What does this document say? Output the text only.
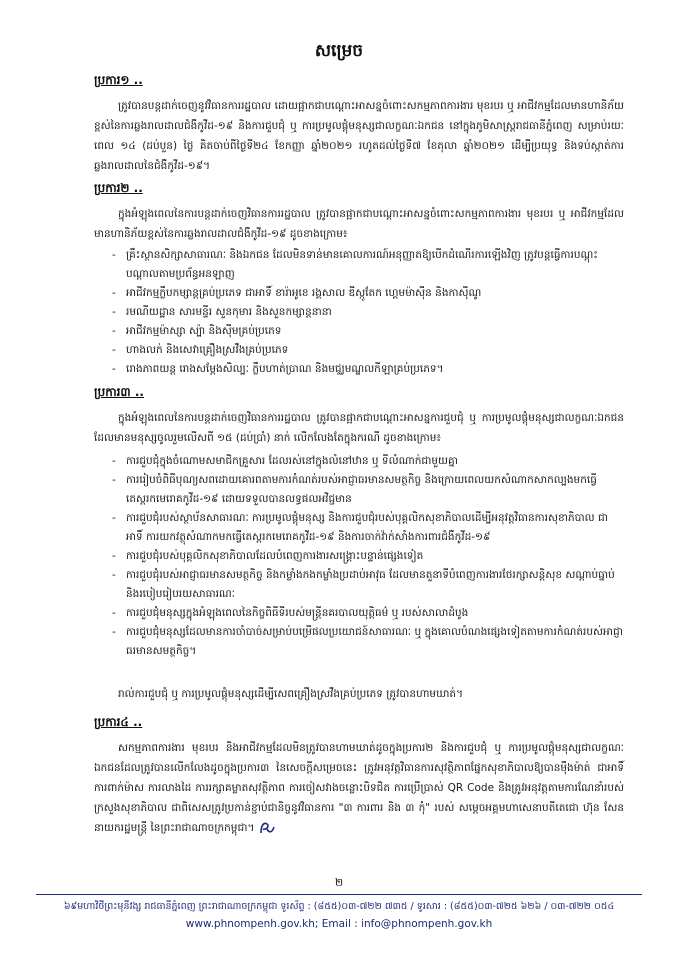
សម្រេច
ប្រការ១ ..

ត្រូវបានបន្តដាក់ចេញនូវវិធានការរដ្ឋបាល ដោយផ្អាកជាបណ្តោះអាសន្នចំពោះសកម្មភាពការងារ មុខរបរ ឬ អាជីវកម្មដែលមានហានិភ័យខ្ពស់នៃការឆ្លងរាលដាលជំងឺកូវីដ-១៩ និងការជួបជុំ ឬ ការប្រមូលផ្តុំមនុស្សជាលក្ខណៈឯកជន នៅក្នុងភូមិសាស្ត្ររាជធានីភ្នំពេញ សម្រាប់រយៈពេល ១៤ (ដប់បួន) ថ្ងៃ គិតចាប់ពីថ្ងៃទី២៤ ខែកញ្ញា ឆ្នាំ២០២១ រហូតដល់ថ្ងៃទី៧ ខែតុលា ឆ្នាំ២០២១ ដើម្បីប្រយុទ្ធ និងទប់ស្កាត់ការឆ្លងរាលដាលនៃជំងឺកូវីដ-១៩។

ប្រការ២ ..

ក្នុងអំឡុងពេលនៃការបន្តដាក់ចេញវិធានការរដ្ឋបាល ត្រូវបានផ្អាកជាបណ្តោះអាសន្នចំពោះសកម្មភាពការងារ មុខរបរ ឬ អាជីវកម្មដែលមានហានិភ័យខ្ពស់នៃការឆ្លងរាលដាលជំងឺកូវីដ-១៩ ដូចខាងក្រោម៖

- គ្រឹះស្ថានសិក្សាសាធារណៈ និងឯកជន ដែលមិនទាន់មានគោលការណ៍អនុញ្ញាតឱ្យបើកដំណើរការឡើងវិញ ត្រូវបន្តធ្វើការបណ្តុះបណ្តាលតាមប្រព័ន្ធអនឡាញ
- អាជីវកម្មក្លឹបកម្សាន្តគ្រប់ប្រភេទ ជាអាទិ៍ ខារ៉ាអូខេ រង្គសាល ឌីស្កូតែក ហ្គេមម៉ាស៊ីន និងកាស៊ីណូ
- រមណីយដ្ឋាន សារមន្ទីរ សួនកុមារ និងសួនកម្សាន្តនានា
- អាជីវកម្មម៉ាស្សា ស្ប៉ា និងស៊ីមគ្រប់ប្រភេទ
- ហាងលក់ និងសេវាគ្រឿងស្រវឹងគ្រប់ប្រភេទ
- រោងភាពយន្ត រោងសម្តែងសិល្បៈ ក្លឹបហាត់ប្រាណ និងមជ្ឈមណ្ឌលកីឡាគ្រប់ប្រភេទ។
ប្រការ៣ ..

ក្នុងអំឡុងពេលនៃការបន្តដាក់ចេញវិធានការរដ្ឋបាល ត្រូវបានផ្អាកជាបណ្តោះអាសន្នការជួបជុំ ឬ ការប្រមូលផ្តុំមនុស្សជាលក្ខណៈឯកជនដែលមានមនុស្សចូលរួមលើសពី ១៥ (ដប់ប្រាំ) នាក់ លើកលែងតែក្នុងករណី ដូចខាងក្រោម៖

- ការជួបជុំក្នុងចំណោមសមាជិកគ្រួសារ ដែលរស់នៅក្នុងលំនៅឋាន ឬ ទីលំណាក់ជាមួយគ្នា
- ការរៀបចំពិធីបុណ្យសពដោយគោរពតាមការកំណត់របស់អាជ្ញាធរមានសមត្ថកិច្ច និងក្រោយពេលយកសំណាកសាកល្បងមកធ្វើតេស្តរកមេរោគកូវីដ-១៩ ដោយទទួលបានលទ្ធផលអវិជ្ជមាន
- ការជួបជុំរបស់ស្ថាប័នសាធារណៈ ការប្រមូលផ្តុំមនុស្ស និងការជួបជុំរបស់បុគ្គលិកសុខាភិបាលដើម្បីអនុវត្តវិធានការសុខាភិបាល ជាអាទិ៍ ការយកវត្ថុសំណាកមកធ្វើតេស្តរកមេរោគកូវីដ-១៩ និងការចាក់វ៉ាក់សាំងការពារជំងឺកូវីដ-១៩
- ការជួបជុំរបស់បុគ្គលិកសុខាភិបាលដែលបំពេញការងារសង្គ្រោះបន្ទាន់ផ្សេងទៀត
- ការជួបជុំរបស់អាជ្ញាធរមានសមត្ថកិច្ច និងកម្លាំងកងកម្លាំងប្រដាប់អាវុធ ដែលមានតួនាទីបំពេញការងារថែរក្សាសន្តិសុខ សណ្តាប់ធ្នាប់ និងរបៀបរៀបរយសាធារណៈ
- ការជួបជុំមនុស្សក្នុងអំឡុងពេលនៃកិច្ចពិធីទីរបស់មន្ត្រីនគរបាលយុត្តិធម៌ ឬ របស់សាលាដំបូង
- ការជួបជុំមនុស្សដែលមានការចាំបាច់សម្រាប់បម្រើផលប្រយោជន៍សាធារណៈ ឬ ក្នុងគោលបំណងផ្សេងទៀតតាមការកំណត់របស់អាជ្ញាធរមានសមត្ថកិច្ច។

រាល់ការជួបជុំ ឬ ការប្រមូលផ្តុំមនុស្សដើម្បីសេពគ្រឿងស្រវឹងគ្រប់ប្រភេទ ត្រូវបានហាមឃាត់។

ប្រការ៤ ..

សកម្មភាពការងារ មុខរបរ និងអាជីវកម្មដែលមិនត្រូវបានហាមឃាត់ដូចក្នុងប្រការ២ និងការជួបជុំ ឬ ការប្រមូលផ្តុំមនុស្សជាលក្ខណៈឯកជនដែលត្រូវបានលើកលែងដូចក្នុងប្រការ៣ នៃសេចក្តីសម្រេចនេះ ត្រូវអនុវត្តវិធានការសុវត្ថិភាពផ្នែកសុខាភិបាលឱ្យបានម៉ឺងម៉ាត់ ជាអាទិ៍ ការពាក់ម៉ាស ការលាងដៃ ការរក្សាគម្លាតសុវត្ថិភាព ការចៀសវាងចន្លោះបិទជិត ការប្រើប្រាស់ QR Code និងត្រូវអនុវត្តតាមការណែនាំរបស់ក្រសួងសុខាភិបាល ជាពិសេសត្រូវប្រកាន់ខ្ជាប់ជានិច្ចនូវវិធានការ "៣ ការពារ និង ៣ កុំ" របស់ សម្តេចអគ្គមហាសេនាបតីតេជោ ហ៊ុន សែន នាយករដ្ឋមន្ត្រី នៃព្រះរាជាណាចក្រកម្ពុជា។

២
៦៩មហាវិថីព្រះមុនីវង្ស រាជធានីភ្នំពេញ ព្រះរាជាណាចក្រកម្ពុជា ទូរស័ព្ទ : (៨៥៥)០៣-៧២២ ៧៣៥ / ទូរសារ : (៨៥៥)០៣-៧២៥ ៦២៦ / ០៣-៧២២ ០៥៤
www.phnompenh.gov.kh; Email : info@phnompenh.gov.kh
